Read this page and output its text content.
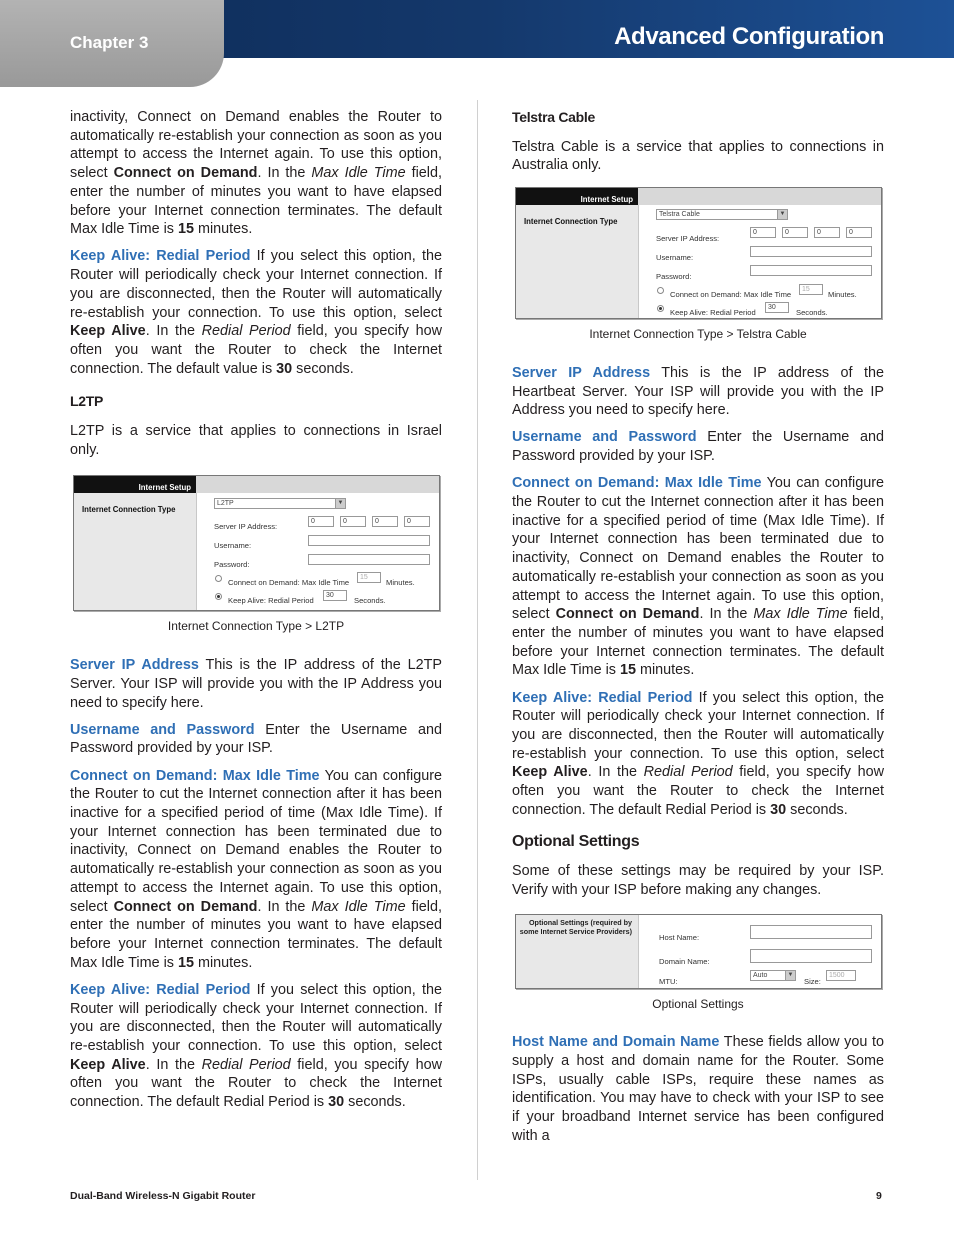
Chapter 3	Advanced Configuration

inactivity, Connect on Demand enables the Router to automatically re-establish your connection as soon as you attempt to access the Internet again. To use this option, select Connect on Demand. In the Max Idle Time field, enter the number of minutes you want to have elapsed before your Internet connection terminates. The default Max Idle Time is 15 minutes.

Keep Alive: Redial Period If you select this option, the Router will periodically check your Internet connection. If you are disconnected, then the Router will automatically re-establish your connection. To use this option, select Keep Alive. In the Redial Period field, you specify how often you want the Router to check the Internet connection. The default value is 30 seconds.

L2TP

L2TP is a service that applies to connections in Israel only.

Internet Setup
Internet Connection Type
L2TP	▼
Server IP Address:
0	0	0	0
Username:
Password:
Connect on Demand: Max Idle Time
15
Minutes.
Keep Alive: Redial Period
30
Seconds.
Internet Connection Type > L2TP

Server IP Address This is the IP address of the L2TP Server. Your ISP will provide you with the IP Address you need to specify here.

Username and Password Enter the Username and Password provided by your ISP.

Connect on Demand: Max Idle Time You can configure the Router to cut the Internet connection after it has been inactive for a specified period of time (Max Idle Time). If your Internet connection has been terminated due to inactivity, Connect on Demand enables the Router to automatically re-establish your connection as soon as you attempt to access the Internet again. To use this option, select Connect on Demand. In the Max Idle Time field, enter the number of minutes you want to have elapsed before your Internet connection terminates. The default Max Idle Time is 15 minutes.

Keep Alive: Redial Period If you select this option, the Router will periodically check your Internet connection. If you are disconnected, then the Router will automatically re-establish your connection. To use this option, select Keep Alive. In the Redial Period field, you specify how often you want the Router to check the Internet connection. The default Redial Period is 30 seconds.

Telstra Cable

Telstra Cable is a service that applies to connections in Australia only.

Internet Setup
Internet Connection Type
Telstra Cable	▼
Server IP Address:
0	0	0	0
Username:
Password:
Connect on Demand: Max Idle Time
15
Minutes.
Keep Alive: Redial Period
30
Seconds.
Internet Connection Type > Telstra Cable

Server IP Address This is the IP address of the Heartbeat Server. Your ISP will provide you with the IP Address you need to specify here.

Username and Password Enter the Username and Password provided by your ISP.

Connect on Demand: Max Idle Time You can configure the Router to cut the Internet connection after it has been inactive for a specified period of time (Max Idle Time). If your Internet connection has been terminated due to inactivity, Connect on Demand enables the Router to automatically re-establish your connection as soon as you attempt to access the Internet again. To use this option, select Connect on Demand. In the Max Idle Time field, enter the number of minutes you want to have elapsed before your Internet connection terminates. The default Max Idle Time is 15 minutes.

Keep Alive: Redial Period If you select this option, the Router will periodically check your Internet connection. If you are disconnected, then the Router will automatically re-establish your connection. To use this option, select Keep Alive. In the Redial Period field, you specify how often you want the Router to check the Internet connection. The default Redial Period is 30 seconds.

Optional Settings

Some of these settings may be required by your ISP. Verify with your ISP before making any changes.

Optional Settings (required by some Internet Service Providers)
Host Name:
Domain Name:
MTU:
Auto	▼
Size:
1500
Optional Settings

Host Name and Domain Name These fields allow you to supply a host and domain name for the Router. Some ISPs, usually cable ISPs, require these names as identification. You may have to check with your ISP to see if your broadband Internet service has been configured with a

Dual-Band Wireless-N Gigabit Router	9
